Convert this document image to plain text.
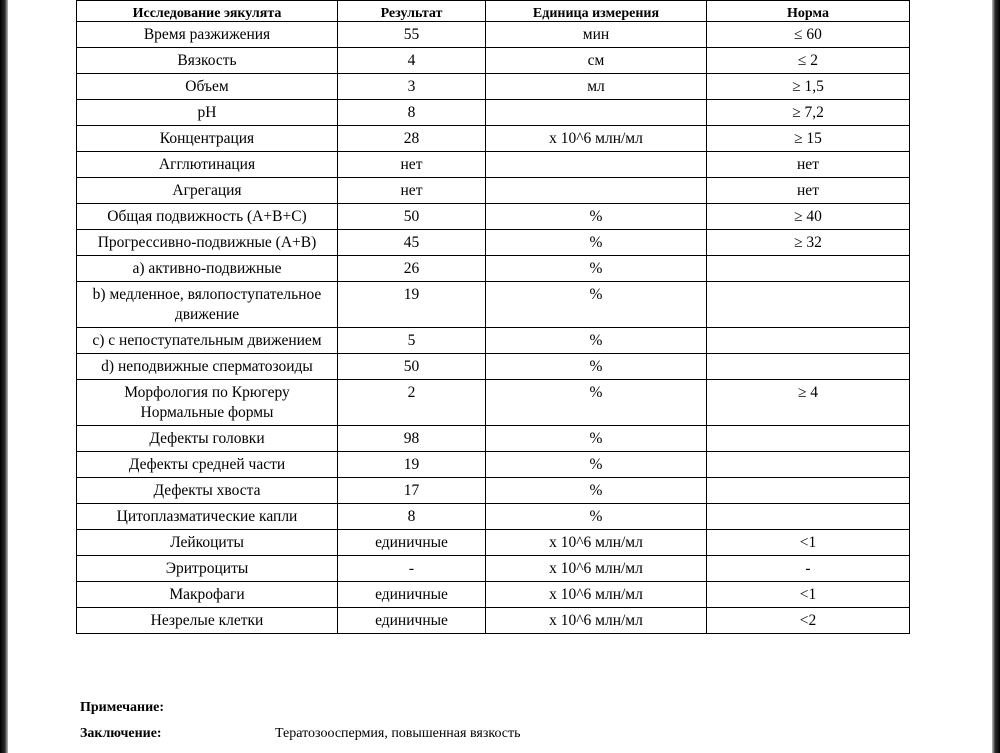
Исследование эякулята	Результат	Единица измерения	Норма
Время разжижения	55	мин	≤ 60
Вязкость	4	см	≤ 2
Объем	3	мл	≥ 1,5
pH	8		≥ 7,2
Концентрация	28	x 10^6 млн/мл	≥ 15
Агглютинация	нет		нет
Агрегация	нет		нет
Общая подвижность (A+B+C)	50	%	≥ 40
Прогрессивно-подвижные (A+B)	45	%	≥ 32
a) активно-подвижные	26	%	
b) медленное, вялопоступательное движение	19	%	
c) с непоступательным движением	5	%	
d) неподвижные сперматозоиды	50	%	
Морфология по Крюгеру Нормальные формы	2	%	≥ 4
Дефекты головки	98	%	
Дефекты средней части	19	%	
Дефекты хвоста	17	%	
Цитоплазматические капли	8	%	
Лейкоциты	единичные	x 10^6 млн/мл	<1
Эритроциты	-	x 10^6 млн/мл	-
Макрофаги	единичные	x 10^6 млн/мл	<1
Незрелые клетки	единичные	x 10^6 млн/мл	<2
Примечание:
Заключение:	Тератозооспермия, повышенная вязкость
